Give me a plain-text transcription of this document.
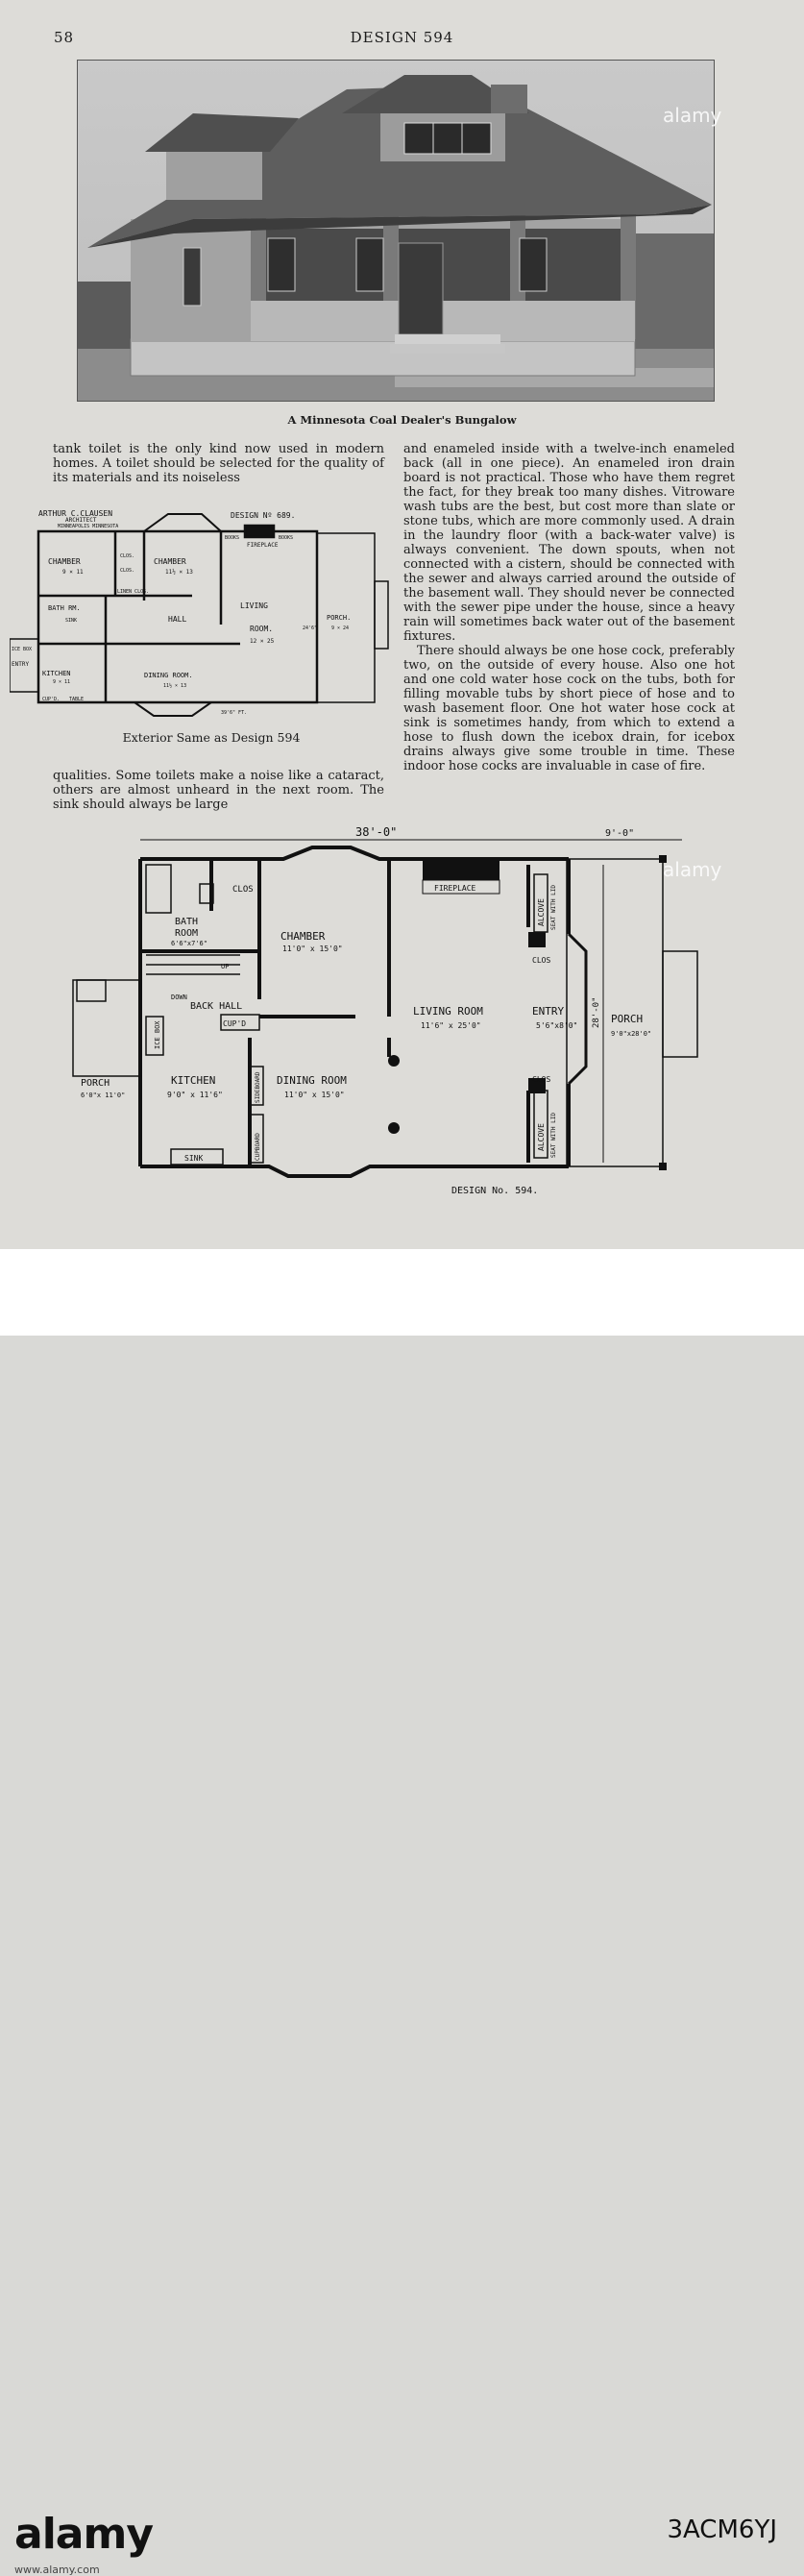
58	DESIGN 594
A Minnesota Coal Dealer's Bungalow
tank toilet is the only kind now used in modern homes. A toilet should be selected for the quality of its materials and its noiseless

and enameled inside with a twelve-inch enameled back (all in one piece). An enameled iron drain board is not practical. Those who have them regret the fact, for they break too many dishes. Vitroware wash tubs are the best, but cost more than slate or stone tubs, which are more commonly used. A drain in the laundry floor (with a back-water valve) is always convenient. The down spouts, when not connected with a cistern, should be connected with the sewer and always carried around the outside of the basement wall. They should never be connected with the sewer pipe under the house, since a heavy rain will sometimes back water out of the basement fixtures.

There should always be one hose cock, preferably two, on the outside of every house. Also one hot and one cold water hose cock on the tubs, both for filling movable tubs by short piece of hose and to wash basement floor. One hot water hose cock at sink is sometimes handy, from which to extend a hose to flush down the icebox drain, for icebox drains always give some trouble in time. These indoor hose cocks are invaluable in case of fire.

ARTHUR C.CLAUSEN
ARCHITECT
MINNEAPOLIS MINNESOTA
DESIGN Nº 689.
BOOKS
FIREPLACE
BOOKS
CHAMBER
9 × 11
CLOS.
CLOS.
CHAMBER
11½ × 13
LINEN CLOS.
BATH RM.
SINK	HALL
LIVING
ROOM.
12 × 25
PORCH.
9 × 24
24'6"
ICE BOX
ENTRY
KITCHEN
9 × 11
DINING ROOM.
11½ × 13
CUP'D. TABLE
39'6" FT.
Exterior Same as Design 594
qualities. Some toilets make a noise like a cataract, others are almost unheard in the next room. The sink should always be large
38'-0"	9'-0"
28'-0"
FIREPLACE
CLOS
BATH
ROOM
6'6"x7'6"
CHAMBER
11'0" x 15'0"
UP
DOWN
BACK HALL
CUP'D
ALCOVE SEAT WITH LID
CLOS
LIVING ROOM
11'6" x 25'0"
ENTRY
5'6"x8'0"
PORCH
9'0"x28'0"
CLOS
ALCOVE SEAT WITH LID
ICE BOX
PORCH
6'0"x 11'0"
KITCHEN
9'0" x 11'6"	SIDEBOARD DINING ROOM
11'0" x 15'0"
CUPBOARD
SINK
DESIGN No. 594.
alamy
alamy
alamy	3ACM6YJ
www.alamy.com
